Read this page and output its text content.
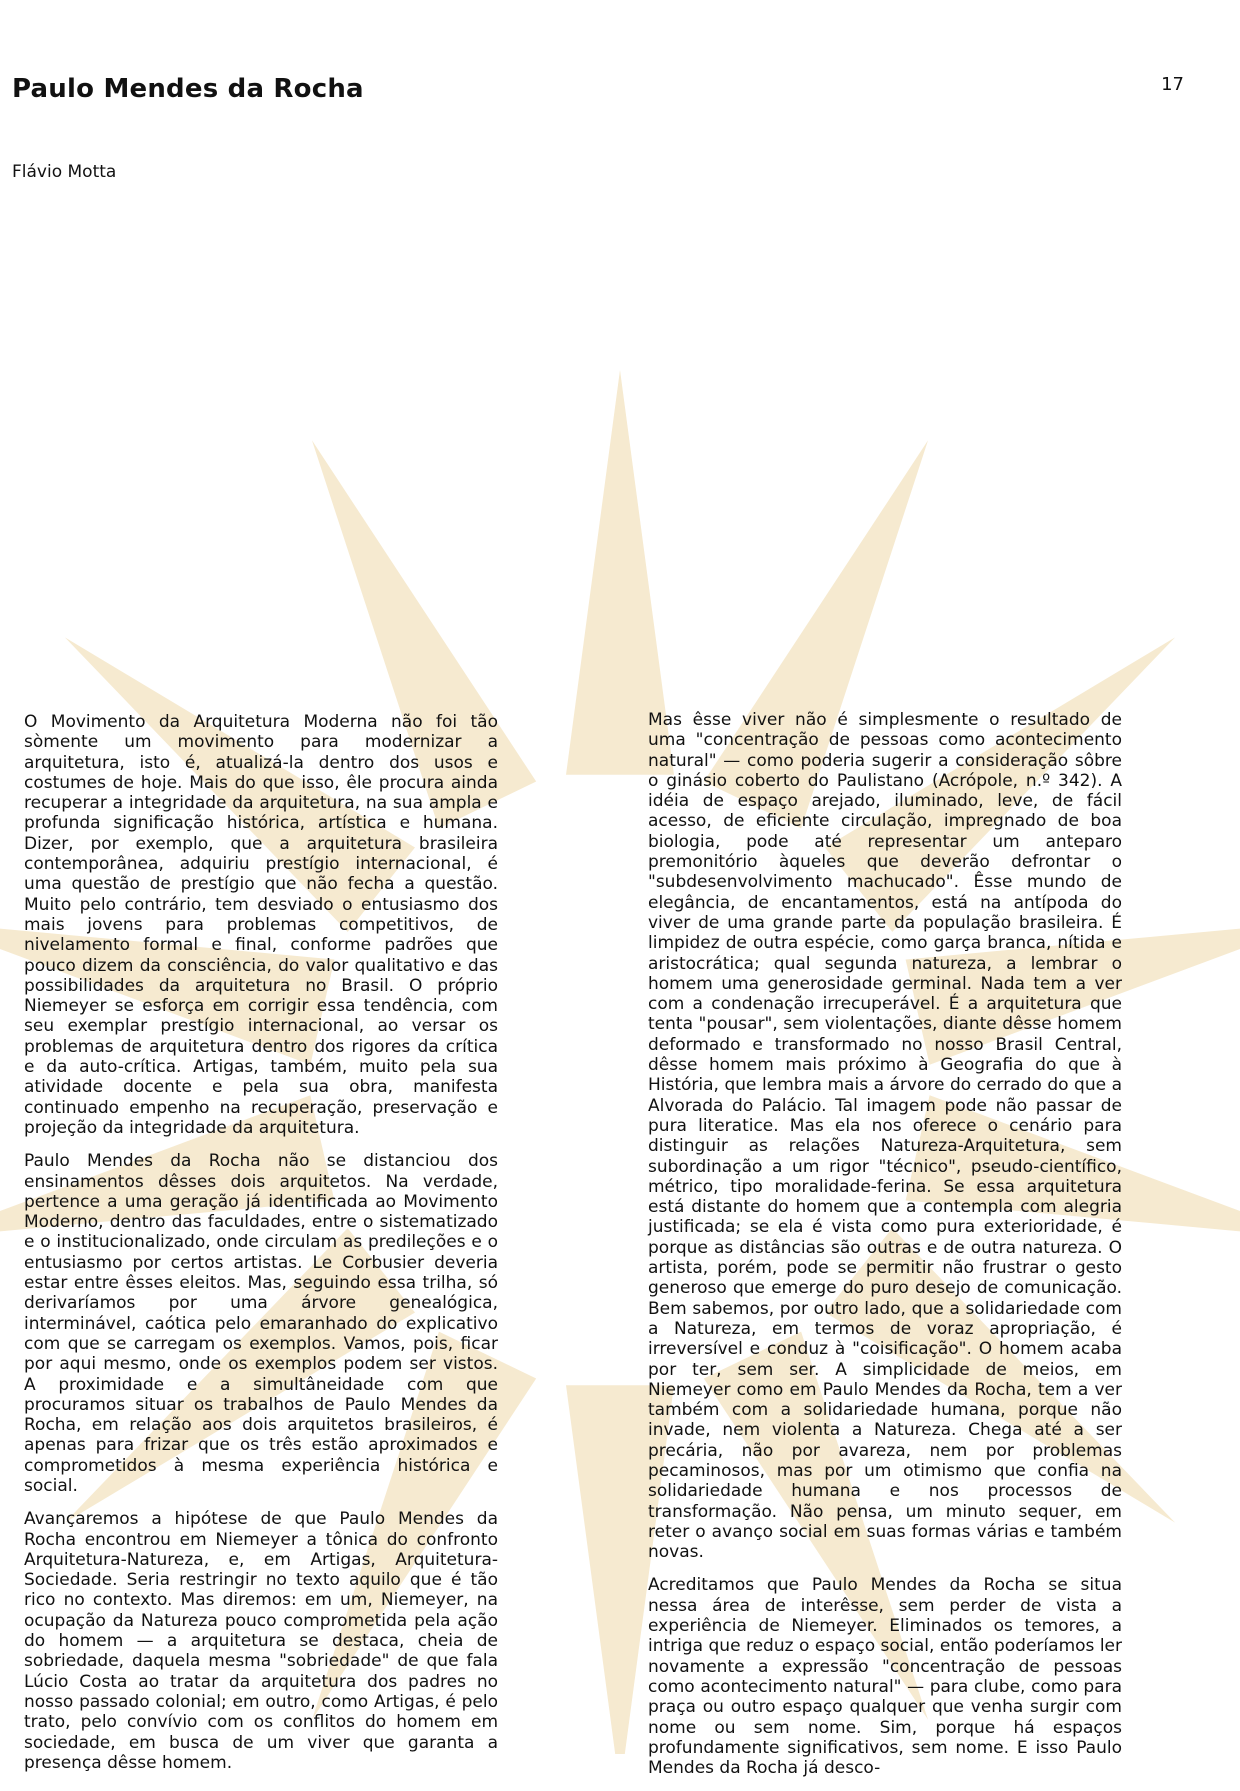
Paulo Mendes da Rocha	17
Flávio Motta

O Movimento da Arquitetura Moderna não foi tão sòmente um movimento para modernizar a arquitetura, isto é, atualizá-la dentro dos usos e costumes de hoje. Mais do que isso, êle procura ainda recuperar a integridade da arquitetura, na sua ampla e profunda significação histórica, artística e humana. Dizer, por exemplo, que a arquitetura brasileira contemporânea, adquiriu prestígio internacional, é uma questão de prestígio que não fecha a questão. Muito pelo contrário, tem desviado o entusiasmo dos mais jovens para problemas competitivos, de nivelamento formal e final, conforme padrões que pouco dizem da consciência, do valor qualitativo e das possibilidades da arquitetura no Brasil. O próprio Niemeyer se esforça em corrigir essa tendência, com seu exemplar prestígio internacional, ao versar os problemas de arquitetura dentro dos rigores da crítica e da auto-crítica. Artigas, também, muito pela sua atividade docente e pela sua obra, manifesta continuado empenho na recuperação, preservação e projeção da integridade da arquitetura.

Paulo Mendes da Rocha não se distanciou dos ensinamentos dêsses dois arquitetos. Na verdade, pertence a uma geração já identificada ao Movimento Moderno, dentro das faculdades, entre o sistematizado e o institucionalizado, onde circulam as predileções e o entusiasmo por certos artistas. Le Corbusier deveria estar entre êsses eleitos. Mas, seguindo essa trilha, só derivaríamos por uma árvore genealógica, interminável, caótica pelo emaranhado do explicativo com que se carregam os exemplos. Vamos, pois, ficar por aqui mesmo, onde os exemplos podem ser vistos. A proximidade e a simultâneidade com que procuramos situar os trabalhos de Paulo Mendes da Rocha, em relação aos dois arquitetos brasileiros, é apenas para frizar que os três estão aproximados e comprometidos à mesma experiência histórica e social.

Avançaremos a hipótese de que Paulo Mendes da Rocha encontrou em Niemeyer a tônica do confronto Arquitetura-Natureza, e, em Artigas, Arquitetura-Sociedade. Seria restringir no texto aquilo que é tão rico no contexto. Mas diremos: em um, Niemeyer, na ocupação da Natureza pouco comprometida pela ação do homem — a arquitetura se destaca, cheia de sobriedade, daquela mesma "sobriedade" de que fala Lúcio Costa ao tratar da arquitetura dos padres no nosso passado colonial; em outro, como Artigas, é pelo trato, pelo convívio com os conflitos do homem em sociedade, em busca de um viver que garanta a presença dêsse homem.

Mas êsse viver não é simplesmente o resultado de uma "concentração de pessoas como acontecimento natural" — como poderia sugerir a consideração sôbre o ginásio coberto do Paulistano (Acrópole, n.º 342). A idéia de espaço arejado, iluminado, leve, de fácil acesso, de eficiente circulação, impregnado de boa biologia, pode até representar um anteparo premonitório àqueles que deverão defrontar o "subdesenvolvimento machucado". Êsse mundo de elegância, de encantamentos, está na antípoda do viver de uma grande parte da população brasileira. É limpidez de outra espécie, como garça branca, nítida e aristocrática; qual segunda natureza, a lembrar o homem uma generosidade germinal. Nada tem a ver com a condenação irrecuperável. É a arquitetura que tenta "pousar", sem violentações, diante dêsse homem deformado e transformado no nosso Brasil Central, dêsse homem mais próximo à Geografia do que à História, que lembra mais a árvore do cerrado do que a Alvorada do Palácio. Tal imagem pode não passar de pura literatice. Mas ela nos oferece o cenário para distinguir as relações Natureza-Arquitetura, sem subordinação a um rigor "técnico", pseudo-científico, métrico, tipo moralidade-ferina. Se essa arquitetura está distante do homem que a contempla com alegria justificada; se ela é vista como pura exterioridade, é porque as distâncias são outras e de outra natureza. O artista, porém, pode se permitir não frustrar o gesto generoso que emerge do puro desejo de comunicação. Bem sabemos, por outro lado, que a solidariedade com a Natureza, em termos de voraz apropriação, é irreversível e conduz à "coisificação". O homem acaba por ter, sem ser. A simplicidade de meios, em Niemeyer como em Paulo Mendes da Rocha, tem a ver também com a solidariedade humana, porque não invade, nem violenta a Natureza. Chega até a ser precária, não por avareza, nem por problemas pecaminosos, mas por um otimismo que confia na solidariedade humana e nos processos de transformação. Não pensa, um minuto sequer, em reter o avanço social em suas formas várias e também novas.

Acreditamos que Paulo Mendes da Rocha se situa nessa área de interêsse, sem perder de vista a experiência de Niemeyer. Eliminados os temores, a intriga que reduz o espaço social, então poderíamos ler novamente a expressão "concentração de pessoas como acontecimento natural" — para clube, como para praça ou outro espaço qualquer que venha surgir com nome ou sem nome. Sim, porque há espaços profundamente significativos, sem nome. E isso Paulo Mendes da Rocha já desco-
